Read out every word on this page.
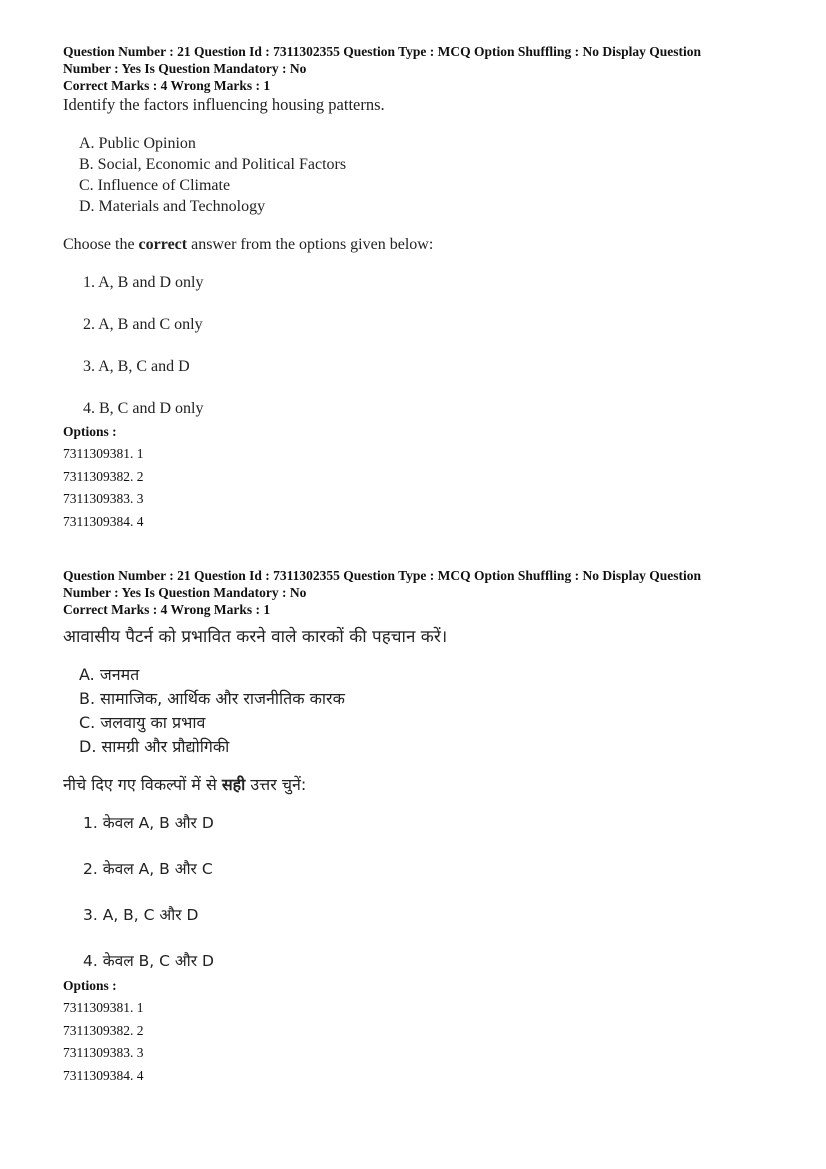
Question Number : 21 Question Id : 7311302355 Question Type : MCQ Option Shuffling : No Display Question
Number : Yes Is Question Mandatory : No
Correct Marks : 4 Wrong Marks : 1
Identify the factors influencing housing patterns.
A. Public Opinion
B. Social, Economic and Political Factors
C. Influence of Climate
D. Materials and Technology
Choose the correct answer from the options given below:
1. A, B and D only
2. A, B and C only
3. A, B, C and D
4. B, C and D only
Options :
7311309381. 1
7311309382. 2
7311309383. 3
7311309384. 4
Question Number : 21 Question Id : 7311302355 Question Type : MCQ Option Shuffling : No Display Question
Number : Yes Is Question Mandatory : No
Correct Marks : 4 Wrong Marks : 1
आवासीय पैटर्न को प्रभावित करने वाले कारकों की पहचान करें।
A. जनमत
B. सामाजिक, आर्थिक और राजनीतिक कारक
C. जलवायु का प्रभाव
D. सामग्री और प्रौद्योगिकी
नीचे दिए गए विकल्पों में से सही उत्तर चुनें:
1. केवल A, B और D
2. केवल A, B और C
3. A, B, C और D
4. केवल B, C और D
Options :
7311309381. 1
7311309382. 2
7311309383. 3
7311309384. 4
